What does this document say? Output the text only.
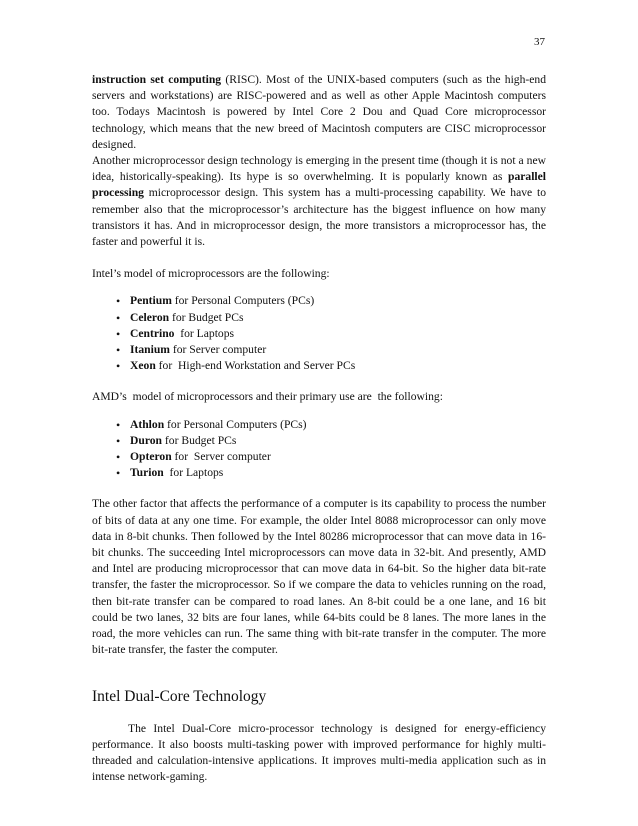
37

instruction set computing (RISC). Most of the UNIX-based computers (such as the high-end servers and workstations) are RISC-powered and as well as other Apple Macintosh computers too. Todays Macintosh is powered by Intel Core 2 Dou and Quad Core microprocessor technology, which means that the new breed of Macintosh computers are CISC microprocessor designed.

Another microprocessor design technology is emerging in the present time (though it is not a new idea, historically-speaking). Its hype is so overwhelming. It is popularly known as parallel processing microprocessor design. This system has a multi-processing capability. We have to remember also that the microprocessor’s architecture has the biggest influence on how many transistors it has. And in microprocessor design, the more transistors a microprocessor has, the faster and powerful it is.

Intel’s model of microprocessors are the following:

• Pentium for Personal Computers (PCs)
• Celeron for Budget PCs
• Centrino  for Laptops
• Itanium for Server computer
• Xeon for  High-end Workstation and Server PCs

AMD’s  model of microprocessors and their primary use are  the following:

• Athlon for Personal Computers (PCs)
• Duron for Budget PCs
• Opteron for  Server computer
• Turion  for Laptops

The other factor that affects the performance of a computer is its capability to process the number of bits of data at any one time. For example, the older Intel 8088 microprocessor can only move data in 8-bit chunks. Then followed by the Intel 80286 microprocessor that can move data in 16-bit chunks. The succeeding Intel microprocessors can move data in 32-bit. And presently, AMD and Intel are producing microprocessor that can move data in 64-bit. So the higher data bit-rate transfer, the faster the microprocessor. So if we compare the data to vehicles running on the road, then bit-rate transfer can be compared to road lanes. An 8-bit could be a one lane, and 16 bit could be two lanes, 32 bits are four lanes, while 64-bits could be 8 lanes. The more lanes in the road, the more vehicles can run. The same thing with bit-rate transfer in the computer. The more bit-rate transfer, the faster the computer.

Intel Dual-Core Technology

The Intel Dual-Core micro-processor technology is designed for energy-efficiency performance. It also boosts multi-tasking power with improved performance for highly multi-threaded and calculation-intensive applications. It improves multi-media application such as in intense network-gaming.
